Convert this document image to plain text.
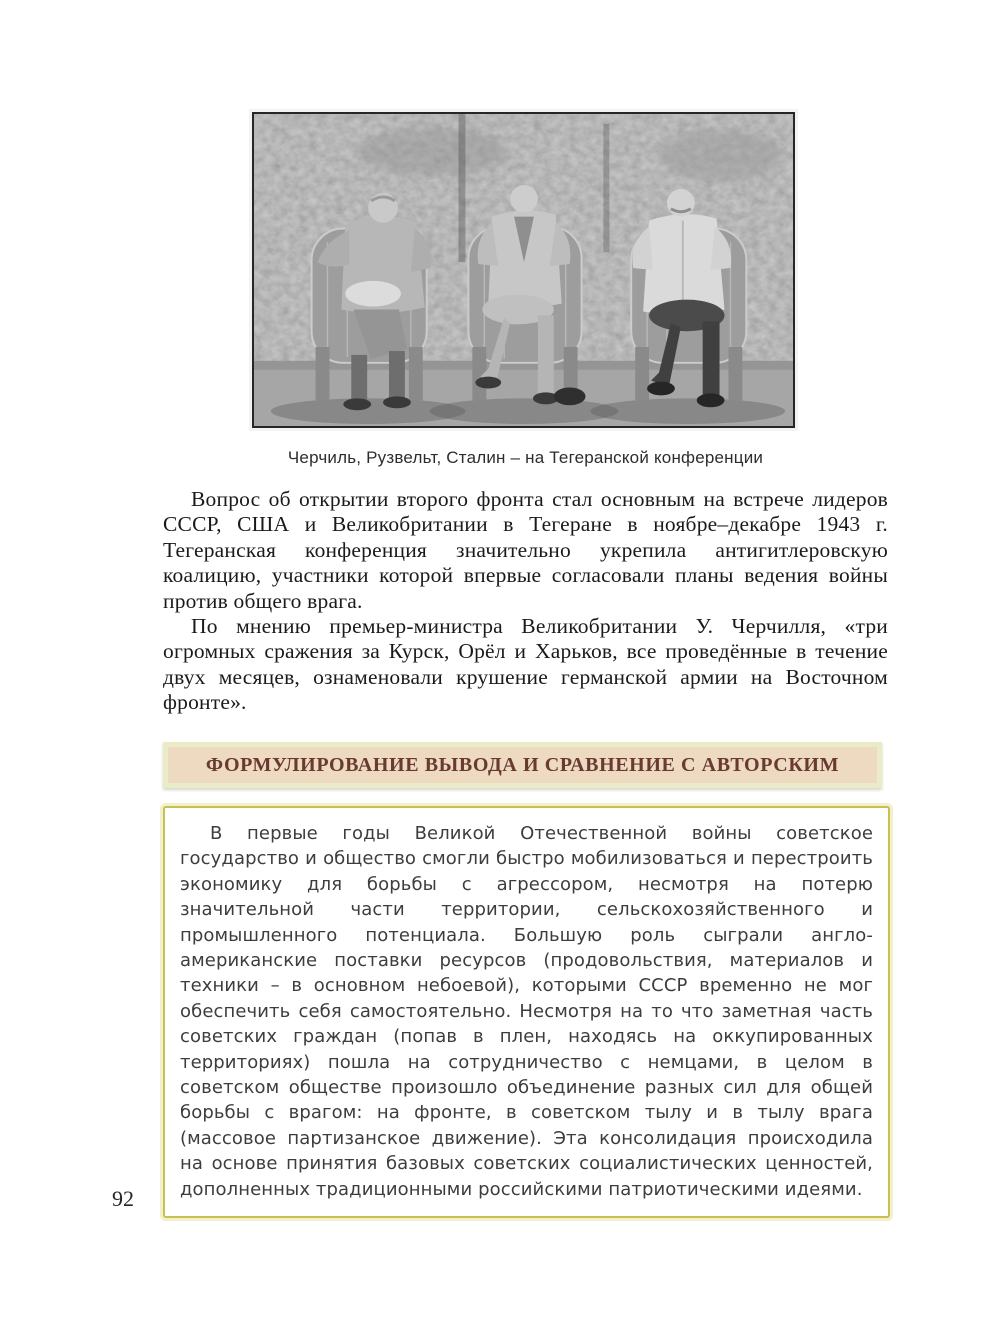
Черчиль, Рузвельт, Сталин – на Тегеранской конференции

Вопрос об открытии второго фронта стал основным на встрече лидеров СССР, США и Великобритании в Тегеране в ноябре–декабре 1943 г. Тегеранская конференция значительно укрепила антигитлеровскую коалицию, участники которой впервые согласовали планы ведения войны против общего врага.

По мнению премьер-министра Великобритании У. Черчилля, «три огромных сражения за Курск, Орёл и Харьков, все проведённые в течение двух месяцев, ознаменовали крушение германской армии на Восточном фронте».

ФОРМУЛИРОВАНИЕ ВЫВОДА И СРАВНЕНИЕ С АВТОРСКИМ

В первые годы Великой Отечественной войны советское государство и общество смогли быстро мобилизоваться и перестроить экономику для борьбы с агрессором, несмотря на потерю значительной части территории, сельскохозяйственного и промышленного потенциала. Большую роль сыграли англо-американские поставки ресурсов (продовольствия, материалов и техники – в основном небоевой), которыми СССР временно не мог обеспечить себя самостоятельно. Несмотря на то что заметная часть советских граждан (попав в плен, находясь на оккупированных территориях) пошла на сотрудничество с немцами, в целом в советском обществе произошло объединение разных сил для общей борьбы с врагом: на фронте, в советском тылу и в тылу врага (массовое партизанское движение). Эта консолидация происходила на основе принятия базовых советских социалистических ценностей, дополненных традиционными российскими патриотическими идеями.

92
